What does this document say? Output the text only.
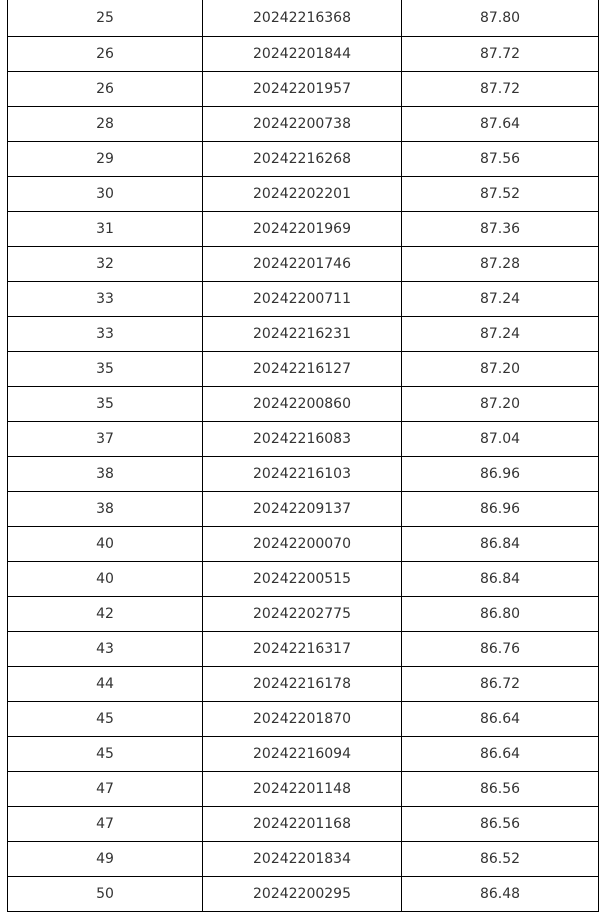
25	20242216368	87.80
26	20242201844	87.72
26	20242201957	87.72
28	20242200738	87.64
29	20242216268	87.56
30	20242202201	87.52
31	20242201969	87.36
32	20242201746	87.28
33	20242200711	87.24
33	20242216231	87.24
35	20242216127	87.20
35	20242200860	87.20
37	20242216083	87.04
38	20242216103	86.96
38	20242209137	86.96
40	20242200070	86.84
40	20242200515	86.84
42	20242202775	86.80
43	20242216317	86.76
44	20242216178	86.72
45	20242201870	86.64
45	20242216094	86.64
47	20242201148	86.56
47	20242201168	86.56
49	20242201834	86.52
50	20242200295	86.48
